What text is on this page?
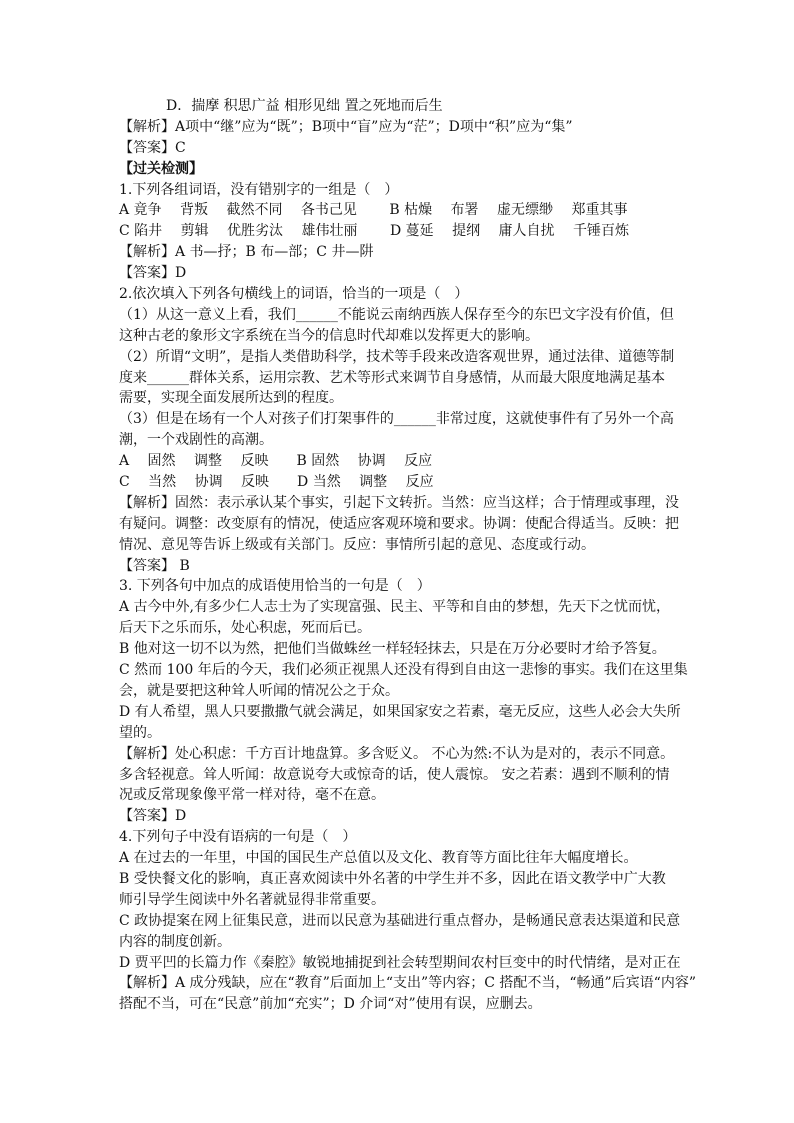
D．揣摩 积思广益 相形见绌 置之死地而后生
【解析】A项中“继”应为“既”；B项中“盲”应为“茫”；D项中“积”应为“集”
【答案】C
【过关检测】
1.下列各组词语，没有错别字的一组是（　）
A 竟争　 背叛　 截然不同　 各书己见　　 B 枯燥　 布署　 虚无缥缈　 郑重其事
C 陷井　 剪辑　 优胜劣汰　 雄伟壮丽　　 D 蔓延　 提纲　 庸人自扰　 千锤百炼
【解析】A 书—抒；B 布—部；C 井—阱
【答案】D
2.依次填入下列各句横线上的词语，恰当的一项是（　）
（1）从这一意义上看，我们______不能说云南纳西族人保存至今的东巴文字没有价值，但
这种古老的象形文字系统在当今的信息时代却难以发挥更大的影响。
（2）所谓“文明”，是指人类借助科学，技术等手段来改造客观世界，通过法律、道德等制
度来______群体关系，运用宗教、艺术等形式来调节自身感情，从而最大限度地满足基本
需要，实现全面发展所达到的程度。
（3）但是在场有一个人对孩子们打架事件的______非常过度，这就使事件有了另外一个高
潮，一个戏剧性的高潮。
A　 固然　 调整　 反映　　B 固然　 协调　 反应
C　 当然　 协调　 反映　　D 当然　 调整　 反应
【解析】固然：表示承认某个事实，引起下文转折。当然：应当这样；合于情理或事理，没
有疑问。调整：改变原有的情况，使适应客观环境和要求。协调：使配合得适当。反映：把
情况、意见等告诉上级或有关部门。反应：事情所引起的意见、态度或行动。
【答案】 B
3. 下列各句中加点的成语使用恰当的一句是（　）
A 古今中外,有多少仁人志士为了实现富强、民主、平等和自由的梦想，先天下之忧而忧，
后天下之乐而乐，处心积虑，死而后已。
B 他对这一切不以为然，把他们当做蛛丝一样轻轻抹去，只是在万分必要时才给予答复。
C 然而 100 年后的今天，我们必须正视黑人还没有得到自由这一悲惨的事实。我们在这里集
会，就是要把这种耸人听闻的情况公之于众。
D 有人希望，黑人只要撒撒气就会满足，如果国家安之若素，毫无反应，这些人必会大失所
望的。
【解析】处心积虑：千方百计地盘算。多含贬义。 不心为然:不认为是对的，表示不同意。
多含轻视意。耸人听闻：故意说夸大或惊奇的话，使人震惊。 安之若素：遇到不顺利的情
况或反常现象像平常一样对待，毫不在意。
【答案】D
4.下列句子中没有语病的一句是（　）
A 在过去的一年里，中国的国民生产总值以及文化、教育等方面比往年大幅度增长。
B 受快餐文化的影响，真正喜欢阅读中外名著的中学生并不多，因此在语文教学中广大教
师引导学生阅读中外名著就显得非常重要。
C 政协提案在网上征集民意，进而以民意为基础进行重点督办，是畅通民意表达渠道和民意
内容的制度创新。
D 贾平凹的长篇力作《秦腔》敏锐地捕捉到社会转型期间农村巨变中的时代情绪，是对正在
【解析】A 成分残缺，应在“教育”后面加上“支出”等内容；C 搭配不当，“畅通”后宾语“内容”
搭配不当，可在“民意”前加“充实”；D 介词“对”使用有误，应删去。
